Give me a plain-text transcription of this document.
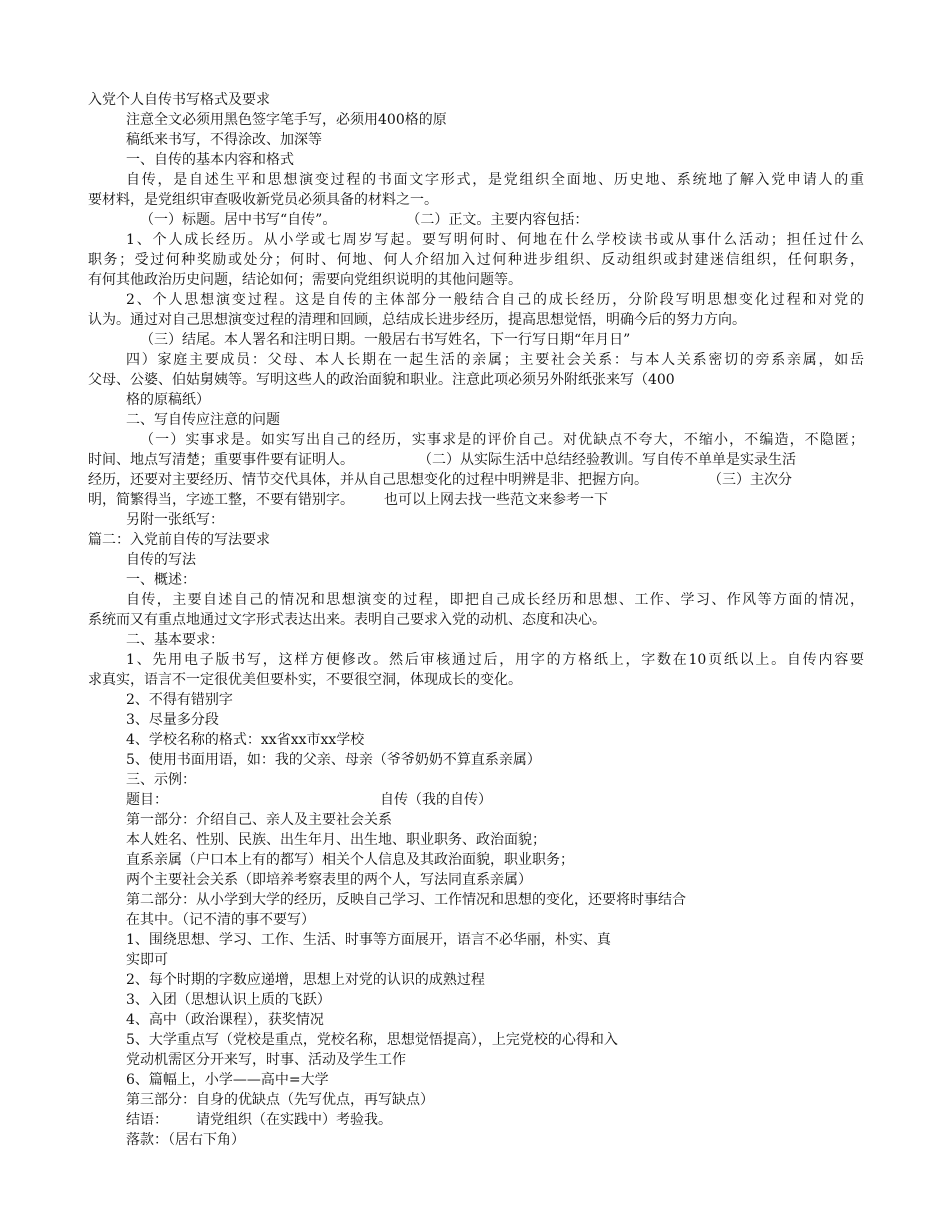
入党个人自传书写格式及要求

注意全文必须用黑色签字笔手写，必须用400格的原

稿纸来书写，不得涂改、加深等

一、自传的基本内容和格式

自传，是自述生平和思想演变过程的书面文字形式，是党组织全面地、历史地、系统地了解入党申请人的重

要材料，是党组织审查吸收新党员必须具备的材料之一。

（一）标题。居中书写“自传”。	（二）正文。主要内容包括：

1、个人成长经历。从小学或七周岁写起。要写明何时、何地在什么学校读书或从事什么活动；担任过什么

职务；受过何种奖励或处分；何时、何地、何人介绍加入过何种进步组织、反动组织或封建迷信组织，任何职务，

有何其他政治历史问题，结论如何；需要向党组织说明的其他问题等。

2、个人思想演变过程。这是自传的主体部分一般结合自己的成长经历，分阶段写明思想变化过程和对党的

认为。通过对自己思想演变过程的清理和回顾，总结成长进步经历，提高思想觉悟，明确今后的努力方向。

（三）结尾。本人署名和注明日期。一般居右书写姓名，下一行写日期“年月日”

四）家庭主要成员：父母、本人长期在一起生活的亲属；主要社会关系：与本人关系密切的旁系亲属，如岳

父母、公婆、伯姑舅姨等。写明这些人的政治面貌和职业。注意此项必须另外附纸张来写（400

格的原稿纸）

二、写自传应注意的问题

（一）实事求是。如实写出自己的经历，实事求是的评价自己。对优缺点不夸大，不缩小，不编造，不隐匿；

时间、地点写清楚；重要事件要有证明人。	（二）从实际生活中总结经验教训。写自传不单单是实录生活

经历，还要对主要经历、情节交代具体，并从自己思想变化的过程中明辨是非、把握方向。	（三）主次分

明，简繁得当，字迹工整，不要有错别字。 也可以上网去找一些范文来参考一下

另附一张纸写：

篇二：入党前自传的写法要求

自传的写法

一、概述：

自传，主要自述自己的情况和思想演变的过程，即把自己成长经历和思想、工作、学习、作风等方面的情况，

系统而又有重点地通过文字形式表达出来。表明自己要求入党的动机、态度和决心。

二、基本要求：

1、先用电子版书写，这样方便修改。然后审核通过后，用字的方格纸上，字数在10页纸以上。自传内容要

求真实，语言不一定很优美但要朴实，不要很空洞，体现成长的变化。

2、不得有错别字

3、尽量多分段

4、学校名称的格式：xx省xx市xx学校

5、使用书面用语，如：我的父亲、母亲（爷爷奶奶不算直系亲属）

三、示例：

题目：	自传（我的自传）

第一部分：介绍自己、亲人及主要社会关系

本人姓名、性别、民族、出生年月、出生地、职业职务、政治面貌；

直系亲属（户口本上有的都写）相关个人信息及其政治面貌，职业职务；

两个主要社会关系（即培养考察表里的两个人，写法同直系亲属）

第二部分：从小学到大学的经历，反映自己学习、工作情况和思想的变化，还要将时事结合

在其中。（记不清的事不要写）

1、围绕思想、学习、工作、生活、时事等方面展开，语言不必华丽，朴实、真

实即可

2、每个时期的字数应递增，思想上对党的认识的成熟过程

3、入团（思想认识上质的飞跃）

4、高中（政治课程），获奖情况

5、大学重点写（党校是重点，党校名称，思想觉悟提高），上完党校的心得和入

党动机需区分开来写，时事、活动及学生工作

6、篇幅上，小学——高中=大学

第三部分：自身的优缺点（先写优点，再写缺点）

结语： 请党组织（在实践中）考验我。

落款：（居右下角）
